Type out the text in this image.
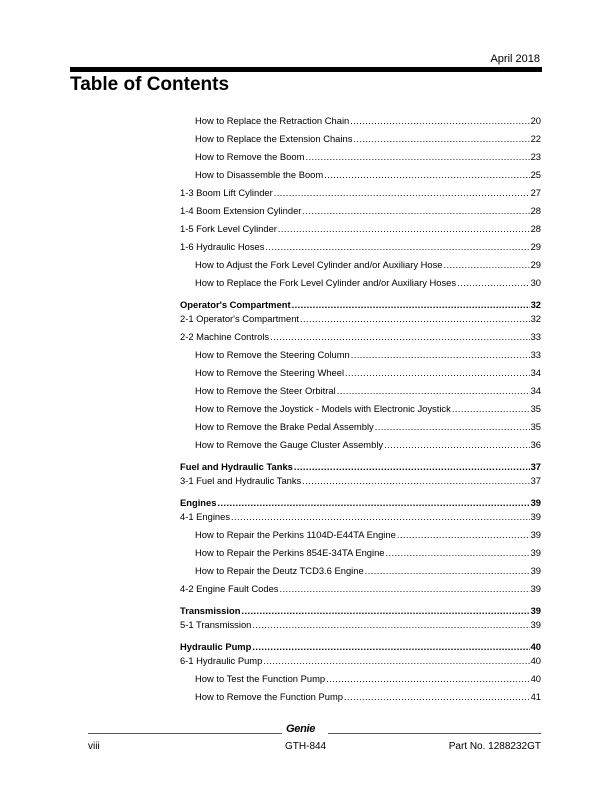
April 2018
Table of Contents
How to Replace the Retraction Chain .....	20
How to Replace the Extension Chains .....	22
How to Remove the Boom .....	23
How to Disassemble the Boom .....	25
1-3 Boom Lift Cylinder .....	27
1-4 Boom Extension Cylinder .....	28
1-5 Fork Level Cylinder .....	28
1-6 Hydraulic Hoses .....	29
How to Adjust the Fork Level Cylinder and/or Auxiliary Hose .....	29
How to Replace the Fork Level Cylinder and/or Auxiliary Hoses .....	30
Operator's Compartment .....	32
2-1 Operator's Compartment .....	32
2-2 Machine Controls .....	33
How to Remove the Steering Column .....	33
How to Remove the Steering Wheel .....	34
How to Remove the Steer Orbitral .....	34
How to Remove the Joystick - Models with Electronic Joystick .....	35
How to Remove the Brake Pedal Assembly .....	35
How to Remove the Gauge Cluster Assembly .....	36
Fuel and Hydraulic Tanks .....	37
3-1 Fuel and Hydraulic Tanks .....	37
Engines .....	39
4-1 Engines .....	39
How to Repair the Perkins 1104D-E44TA Engine .....	39
How to Repair the Perkins 854E-34TA Engine .....	39
How to Repair the Deutz TCD3.6 Engine .....	39
4-2 Engine Fault Codes .....	39
Transmission .....	39
5-1 Transmission .....	39
Hydraulic Pump .....	40
6-1 Hydraulic Pump .....	40
How to Test the Function Pump .....	40
How to Remove the Function Pump .....	41
Genie
viii	GTH-844	Part No. 1288232GT
